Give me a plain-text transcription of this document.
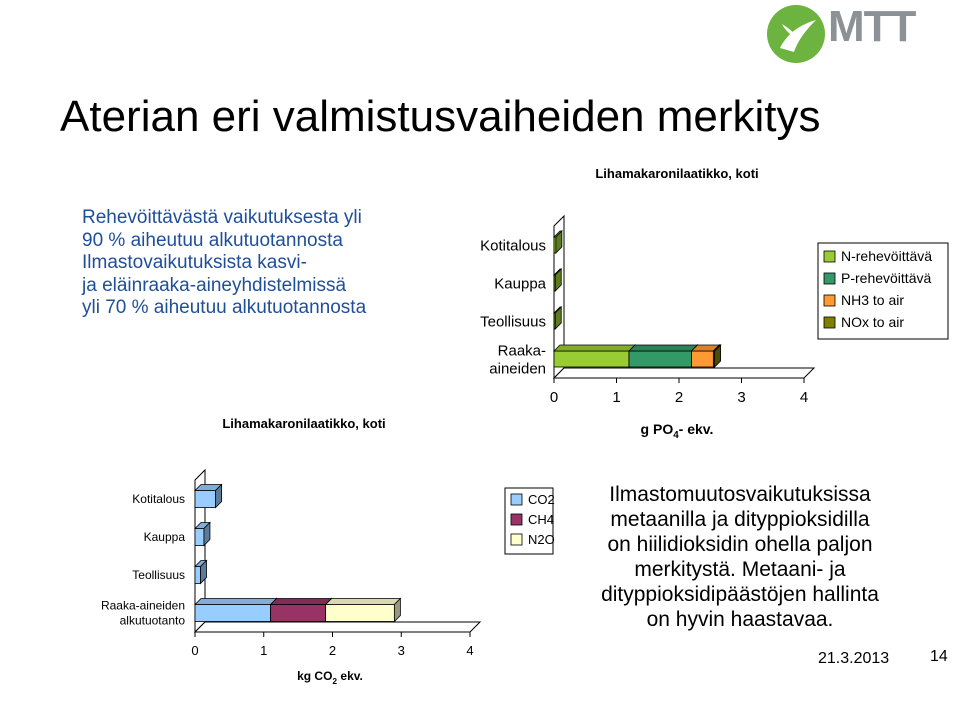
MTT
Aterian eri valmistusvaiheiden merkitys
Rehevöittävästä vaikutuksesta yli
90 % aiheutuu alkutuotannosta
Ilmastovaikutuksista kasvi-
ja eläinraaka-aineyhdistelmissä
yli 70 % aiheutuu alkutuotannosta
Ilmastomuutosvaikutuksissa
metaanilla ja dityppioksidilla
on hiilidioksidin ohella paljon
merkitystä. Metaani- ja
dityppioksidipäästöjen hallinta
on hyvin haastavaa.
21.3.2013	14
Lihamakaronilaatikko, koti
Lihamakaronilaatikko, koti
0	1	2	3	4
Kotitalous
Kauppa
Teollisuus
Raaka-
aineiden
g $PO_4-$ ekv.
N-rehevöittävä
P-rehevöittävä
NH3 to air
NOx to air
0	1	2	3	4
Kotitalous
Kauppa
Teollisuus
Raaka-aineiden
alkutuotanto
kg $CO_2$ ekv.
CO2
CH4
N2O
